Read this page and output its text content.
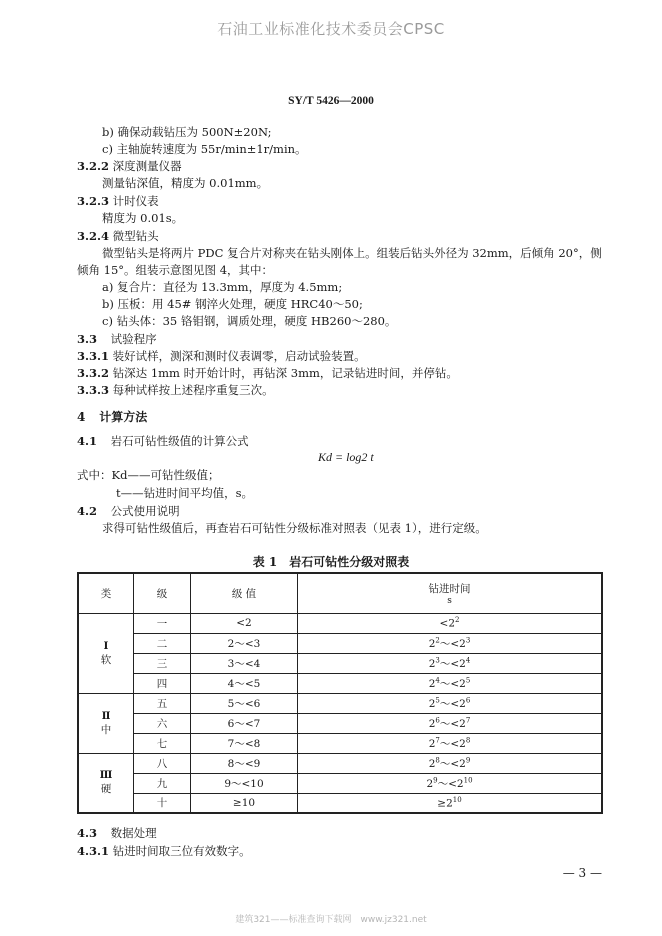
石油工业标准化技术委员会CPSC
SY/T 5426—2000
b) 确保动载钻压为 500N±20N;
c) 主轴旋转速度为 55r/min±1r/min。
3.2.2 深度测量仪器
测量钻深值，精度为 0.01mm。
3.2.3 计时仪表
精度为 0.01s。
3.2.4 微型钻头
微型钻头是将两片 PDC 复合片对称夹在钻头刚体上。组装后钻头外径为 32mm，后倾角 20°，侧
倾角 15°。组装示意图见图 4，其中：
a) 复合片：直径为 13.3mm，厚度为 4.5mm;
b) 压板：用 45# 钢淬火处理，硬度 HRC40～50;
c) 钻头体：35 铬钼钢，调质处理，硬度 HB260～280。
3.3 试验程序
3.3.1 装好试样，测深和测时仪表调零，启动试验装置。
3.3.2 钻深达 1mm 时开始计时，再钻深 3mm，记录钻进时间，并停钻。
3.3.3 每种试样按上述程序重复三次。
4 计算方法
4.1 岩石可钻性级值的计算公式
Kd = log2 t
式中：Kd——可钻性级值；
t——钻进时间平均值，s。
4.2 公式使用说明
求得可钻性级值后，再查岩石可钻性分级标准对照表（见表 1），进行定级。
表 1　岩石可钻性分级对照表
类	级	级 值	钻进时间
s

Ⅰ
软	一	<2	$<2^2$
	二	2～<3	$2^2\sim<2^3$
	三	3～<4	$2^3\sim<2^4$
	四	4～<5	$2^4\sim<2^5$

Ⅱ
中	五	5～<6	$2^5\sim<2^6$
	六	6～<7	$2^6\sim<2^7$
	七	7～<8	$2^7\sim<2^8$

Ⅲ
硬	八	8～<9	$2^8\sim<2^9$
	九	9～<10	$2^9\sim<2^{10}$
	十	≥10	$\ge 2^{10}$
4.3 数据处理
4.3.1 钻进时间取三位有效数字。
— 3 —
建筑321——标准查询下载网　www.jz321.net
